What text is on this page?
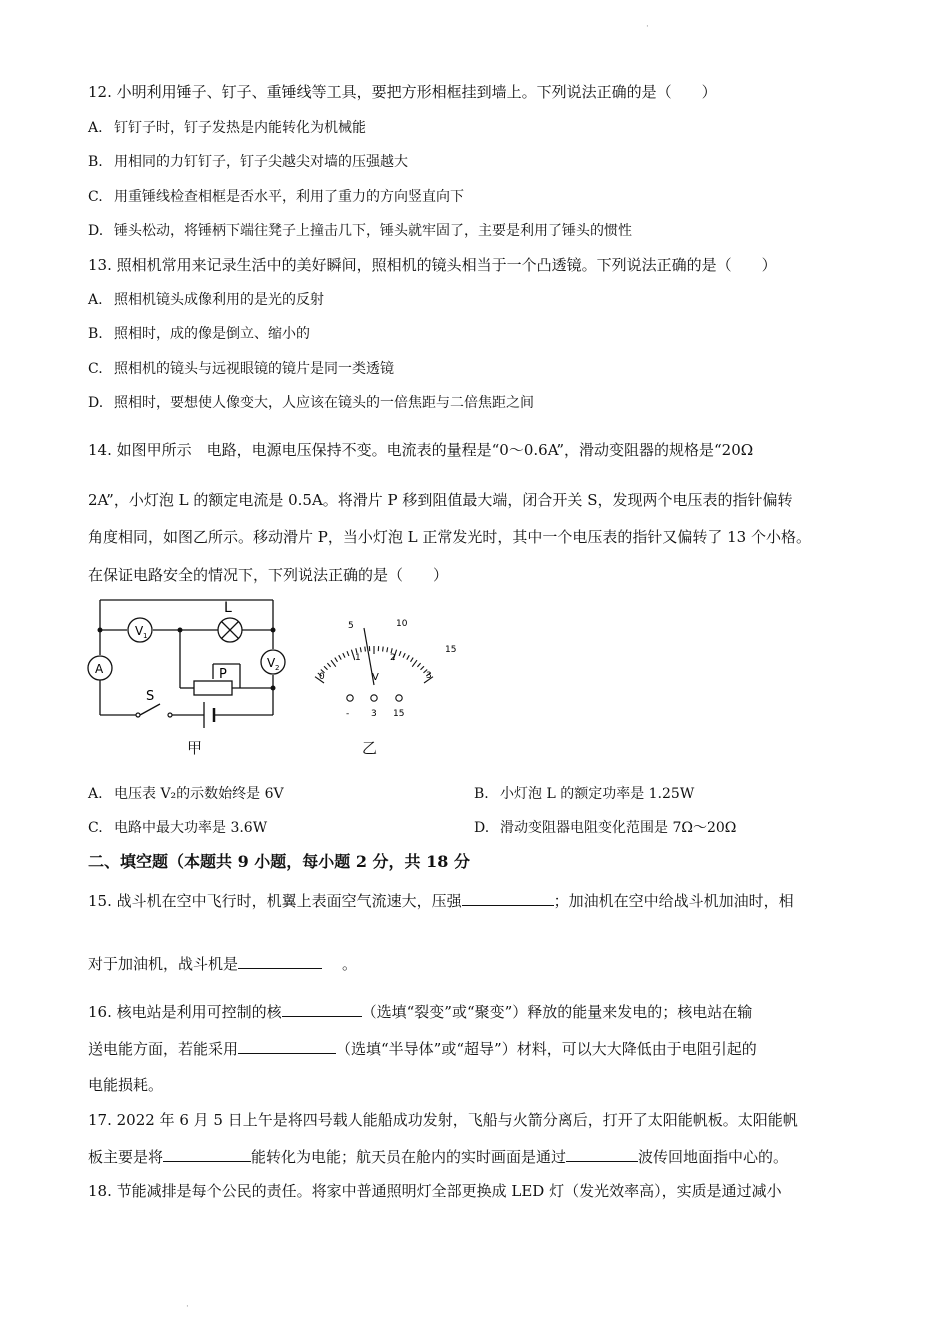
·
·
12. 小明利用锤子、钉子、重锤线等工具，要把方形相框挂到墙上。下列说法正确的是（　　）
A. 钉钉子时，钉子发热是内能转化为机械能
B. 用相同的力钉钉子，钉子尖越尖对墙的压强越大
C. 用重锤线检查相框是否水平，利用了重力的方向竖直向下
D. 锤头松动，将锤柄下端往凳子上撞击几下，锤头就牢固了，主要是利用了锤头的惯性
13. 照相机常用来记录生活中的美好瞬间，照相机的镜头相当于一个凸透镜。下列说法正确的是（　　）
A. 照相机镜头成像利用的是光的反射
B. 照相时，成的像是倒立、缩小的
C. 照相机的镜头与远视眼镜的镜片是同一类透镜
D. 照相时，要想使人像变大，人应该在镜头的一倍焦距与二倍焦距之间
14. 如图甲所示　电路，电源电压保持不变。电流表的量程是“0～0.6A”，滑动变阻器的规格是“20Ω
2A”，小灯泡 L 的额定电流是 0.5A。将滑片 P 移到阻值最大端，闭合开关 S，发现两个电压表的指针偏转
角度相同，如图乙所示。移动滑片 P，当小灯泡 L 正常发光时，其中一个电压表的指针又偏转了 13 个小格。
在保证电路安全的情况下，下列说法正确的是（　　）
V 1
L
A	V 2
P
S
甲
5	10
15
0
1	2
3
V
- 3 15
乙
A. 电压表 V₂的示数始终是 6V	B. 小灯泡 L 的额定功率是 1.25W
C. 电路中最大功率是 3.6W	D. 滑动变阻器电阻变化范围是 7Ω～20Ω
二、填空题（本题共 9 小题，每小题 2 分，共 18 分
15. 战斗机在空中飞行时，机翼上表面空气流速大，压强	；加油机在空中给战斗机加油时，相
对于加油机，战斗机是	。
16. 核电站是利用可控制的核	（选填“裂变”或“聚变”）释放的能量来发电的；核电站在输
送电能方面，若能采用	（选填“半导体”或“超导”）材料，可以大大降低由于电阻引起的
电能损耗。
17. 2022 年 6 月 5 日上午是将四号载人能船成功发射，飞船与火箭分离后，打开了太阳能帆板。太阳能帆
板主要是将	能转化为电能；航天员在舱内的实时画面是通过	波传回地面指中心的。
18. 节能减排是每个公民的责任。将家中普通照明灯全部更换成 LED 灯（发光效率高），实质是通过减小
